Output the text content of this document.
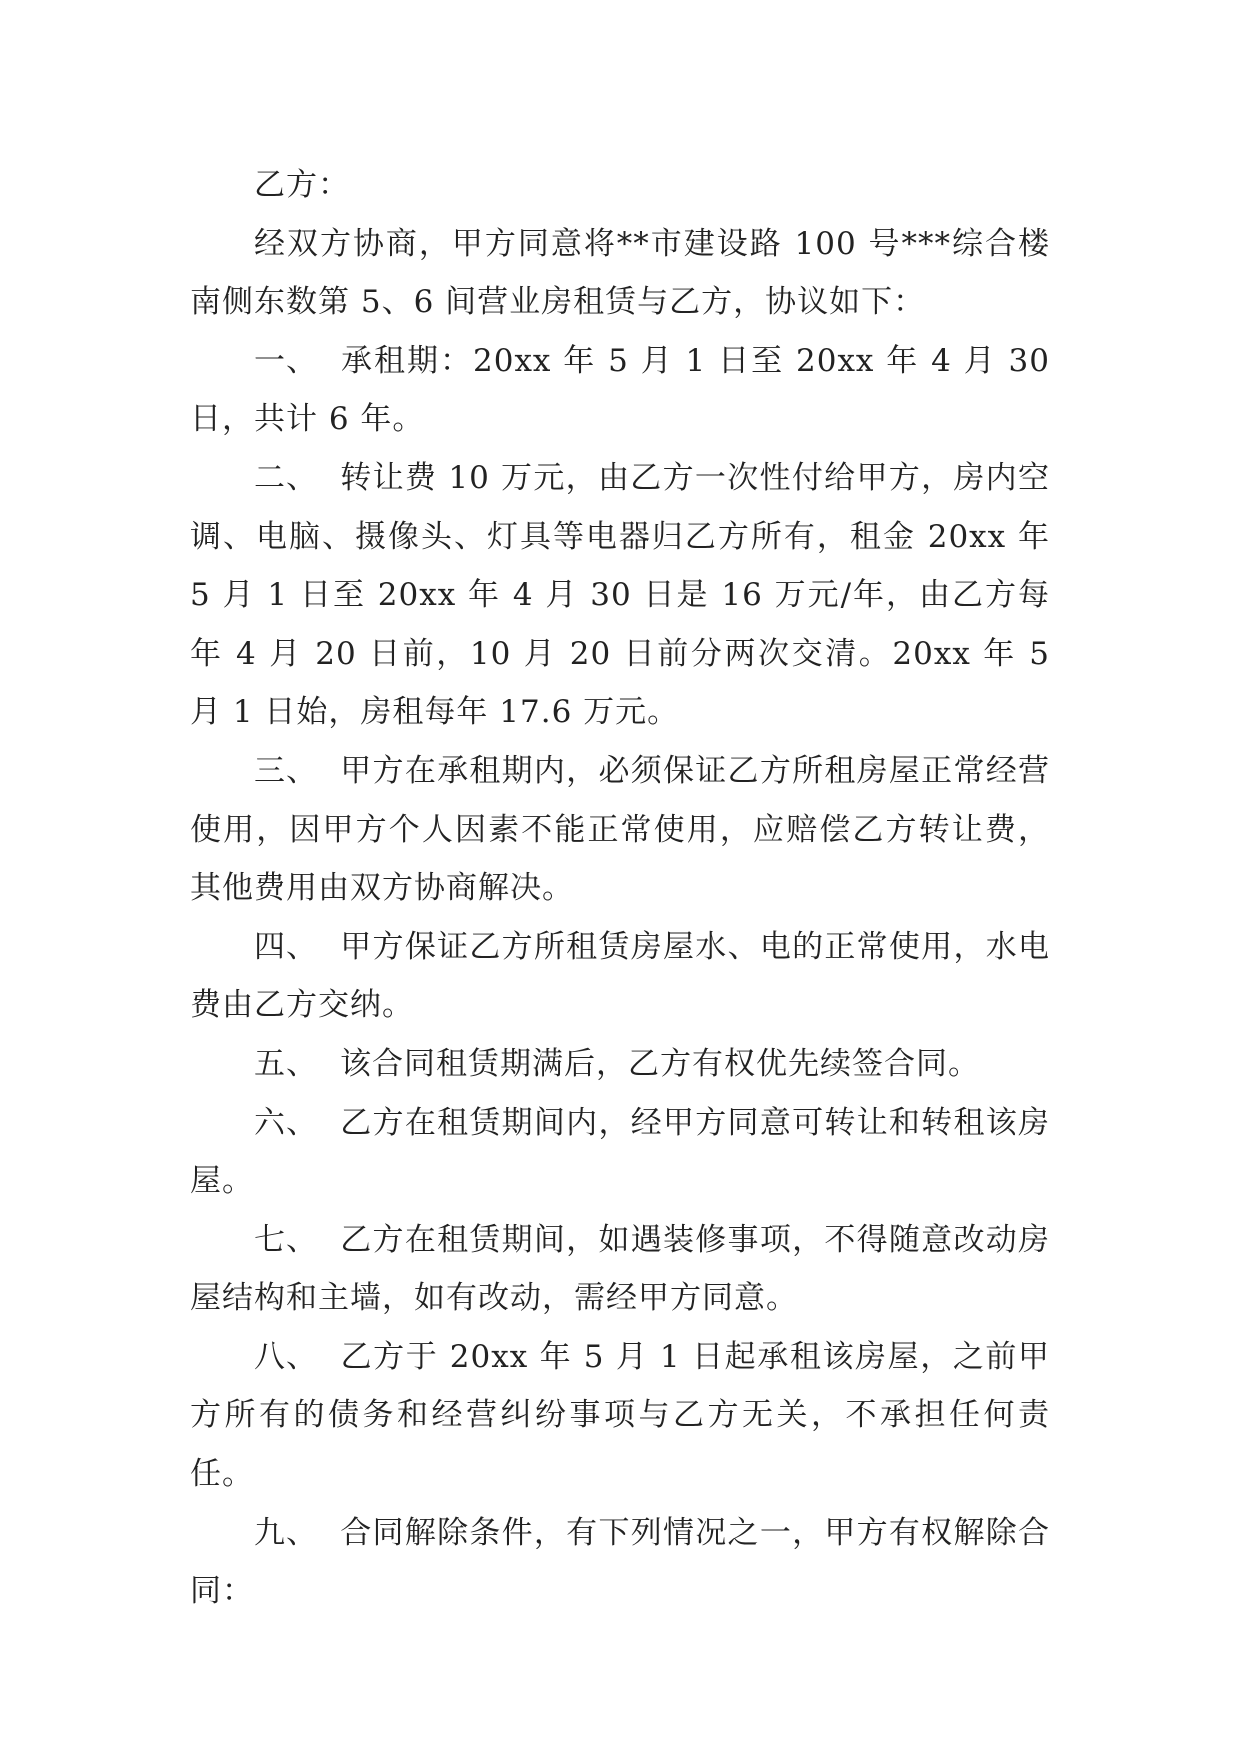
乙方：

经双方协商，甲方同意将**市建设路 100 号***综合楼南侧东数第 5、6 间营业房租赁与乙方，协议如下：

一、 承租期：20xx 年 5 月 1 日至 20xx 年 4 月 30 日，共计 6 年。

二、 转让费 10 万元，由乙方一次性付给甲方，房内空调、电脑、摄像头、灯具等电器归乙方所有，租金 20xx 年 5 月 1 日至 20xx 年 4 月 30 日是 16 万元/年，由乙方每年 4 月 20 日前，10 月 20 日前分两次交清。20xx 年 5 月 1 日始，房租每年 17.6 万元。

三、 甲方在承租期内，必须保证乙方所租房屋正常经营使用，因甲方个人因素不能正常使用，应赔偿乙方转让费，其他费用由双方协商解决。

四、 甲方保证乙方所租赁房屋水、电的正常使用，水电费由乙方交纳。

五、 该合同租赁期满后，乙方有权优先续签合同。

六、 乙方在租赁期间内，经甲方同意可转让和转租该房屋。

七、 乙方在租赁期间，如遇装修事项，不得随意改动房屋结构和主墙，如有改动，需经甲方同意。

八、 乙方于 20xx 年 5 月 1 日起承租该房屋，之前甲方所有的债务和经营纠纷事项与乙方无关，不承担任何责任。

九、 合同解除条件，有下列情况之一，甲方有权解除合同：
